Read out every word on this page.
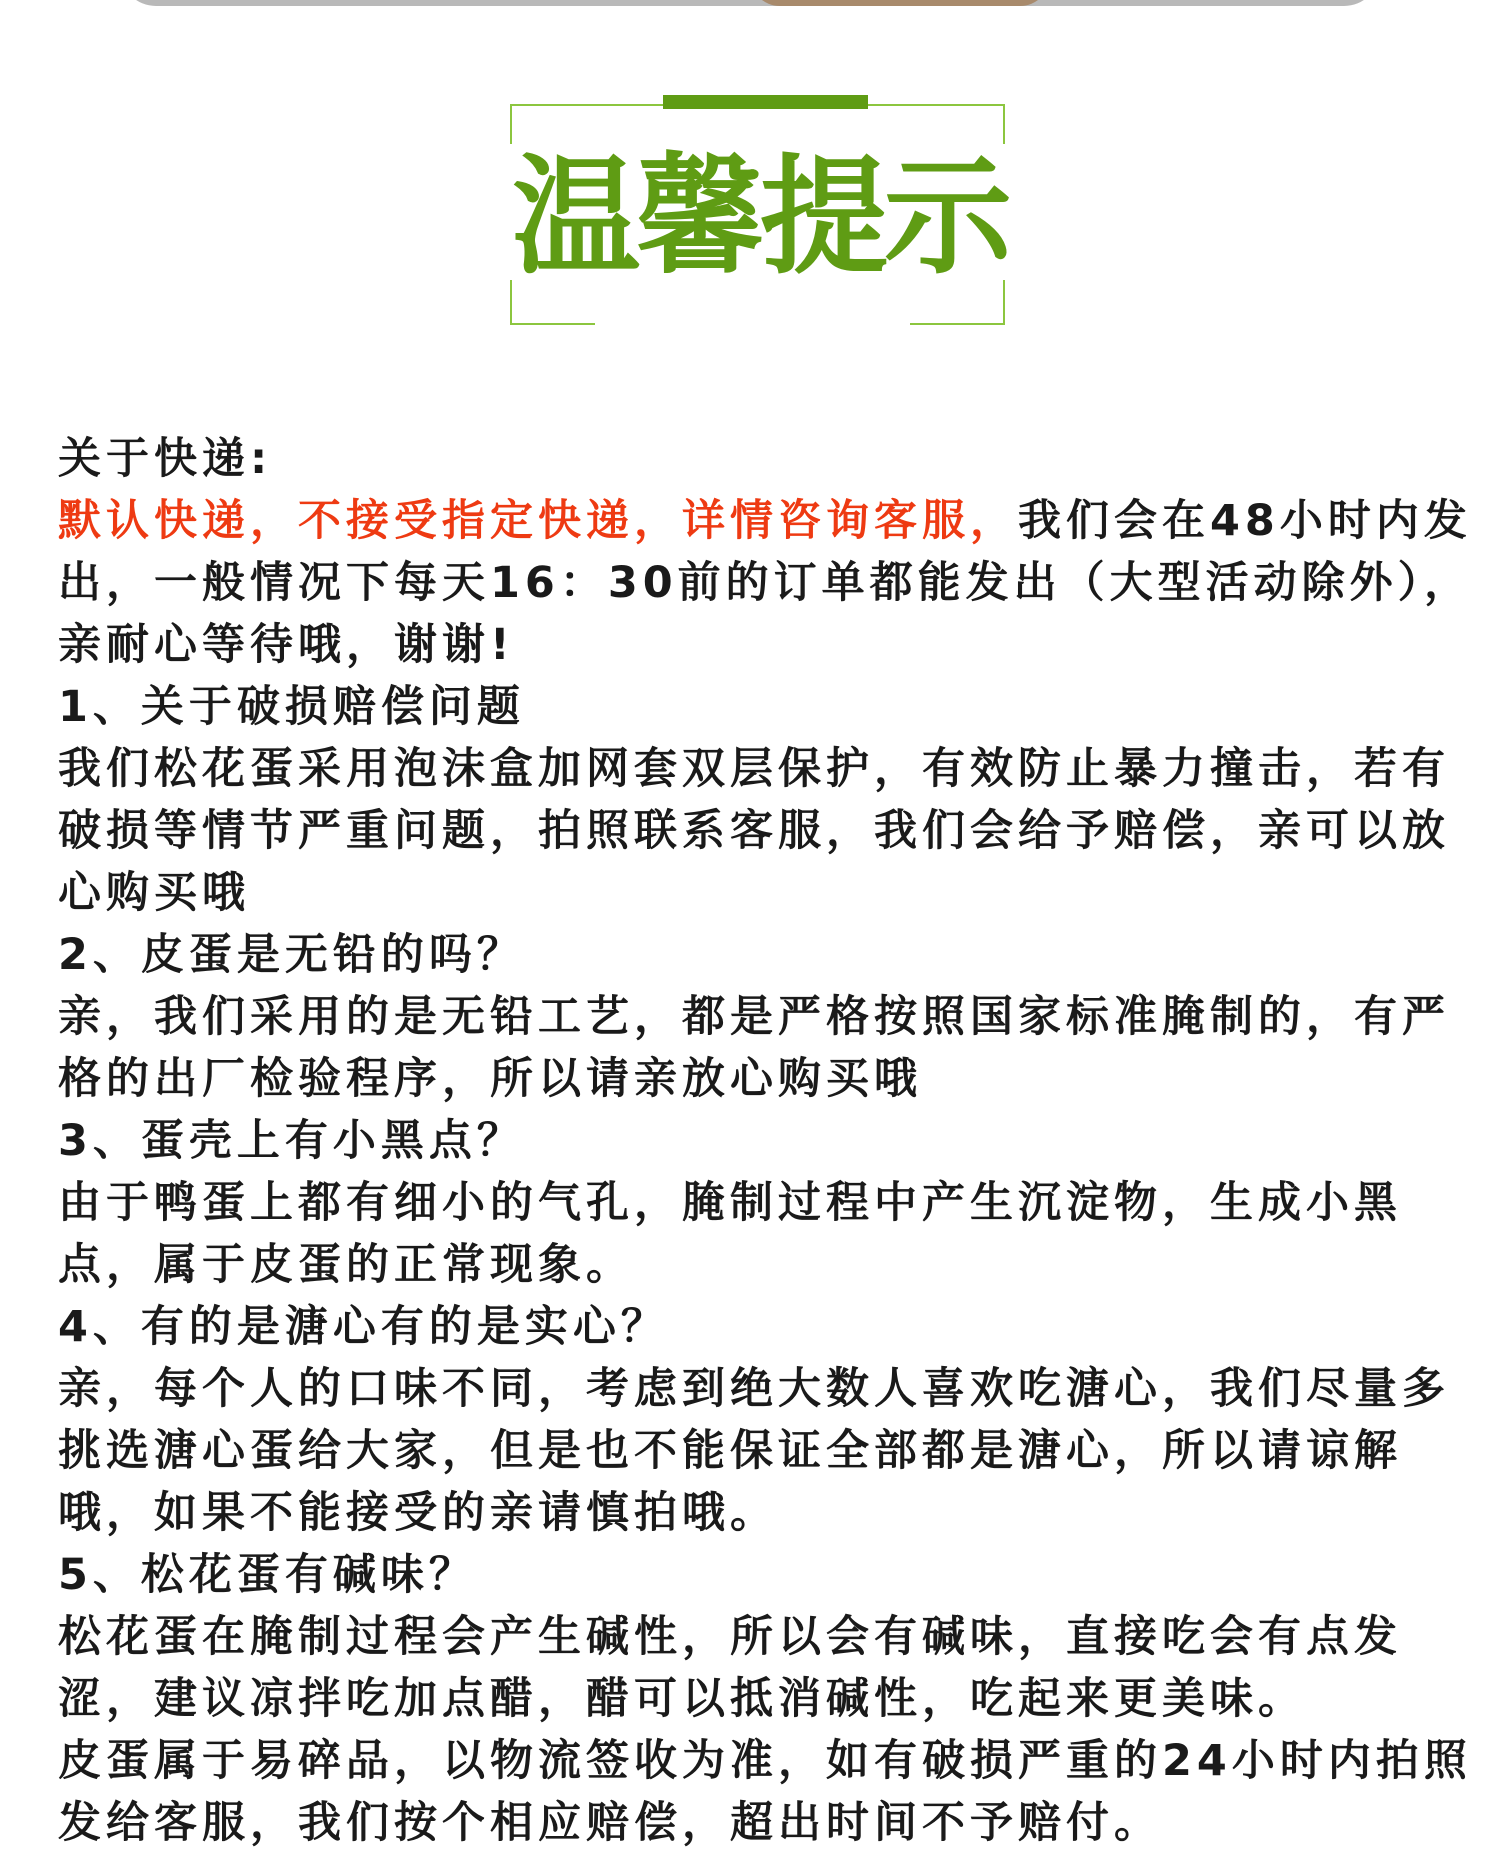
温馨提示

关于快递:

默认快递，不接受指定快递，详情咨询客服，我们会在48小时内发出，一般情况下每天16：30前的订单都能发出（大型活动除外），亲耐心等待哦，谢谢!

1、关于破损赔偿问题

我们松花蛋采用泡沫盒加网套双层保护，有效防止暴力撞击，若有破损等情节严重问题，拍照联系客服，我们会给予赔偿，亲可以放心购买哦

2、皮蛋是无铅的吗？

亲，我们采用的是无铅工艺，都是严格按照国家标准腌制的，有严格的出厂检验程序，所以请亲放心购买哦

3、蛋壳上有小黑点？

由于鸭蛋上都有细小的气孔，腌制过程中产生沉淀物，生成小黑点，属于皮蛋的正常现象。

4、有的是溏心有的是实心？

亲，每个人的口味不同，考虑到绝大数人喜欢吃溏心，我们尽量多挑选溏心蛋给大家，但是也不能保证全部都是溏心，所以请谅解哦，如果不能接受的亲请慎拍哦。

5、松花蛋有碱味？

松花蛋在腌制过程会产生碱性，所以会有碱味，直接吃会有点发涩，建议凉拌吃加点醋，醋可以抵消碱性，吃起来更美味。

皮蛋属于易碎品，以物流签收为准，如有破损严重的24小时内拍照发给客服，我们按个相应赔偿，超出时间不予赔付。
